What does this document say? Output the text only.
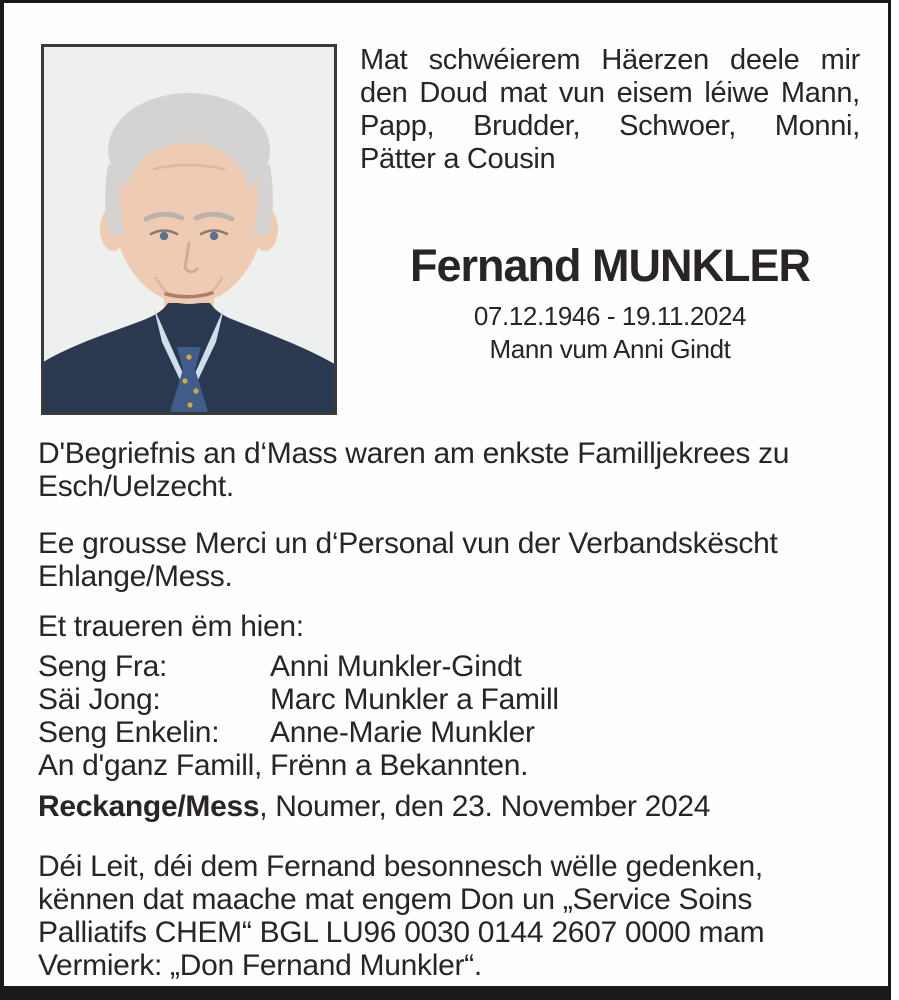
Mat schwéierem Häerzen deele mir
den Doud mat vun eisem léiwe Mann,
Papp, Brudder, Schwoer, Monni,
Pätter a Cousin
Fernand MUNKLER
07.12.1946 - 19.11.2024
Mann vum Anni Gindt
D'Begriefnis an d‘Mass waren am enkste Familljekrees zu
Esch/Uelzecht.
Ee grousse Merci un d‘Personal vun der Verbandskëscht
Ehlange/Mess.
Et traueren ëm hien:
Seng Fra:	Anni Munkler-Gindt
Säi Jong:	Marc Munkler a Famill
Seng Enkelin:	Anne-Marie Munkler
An d'ganz Famill, Frënn a Bekannten.
Reckange/Mess, Noumer, den 23. November 2024
Déi Leit, déi dem Fernand besonnesch wëlle gedenken,
kënnen dat maache mat engem Don un „Service Soins
Palliatifs CHEM“ BGL LU96 0030 0144 2607 0000 mam
Vermierk: „Don Fernand Munkler“.
